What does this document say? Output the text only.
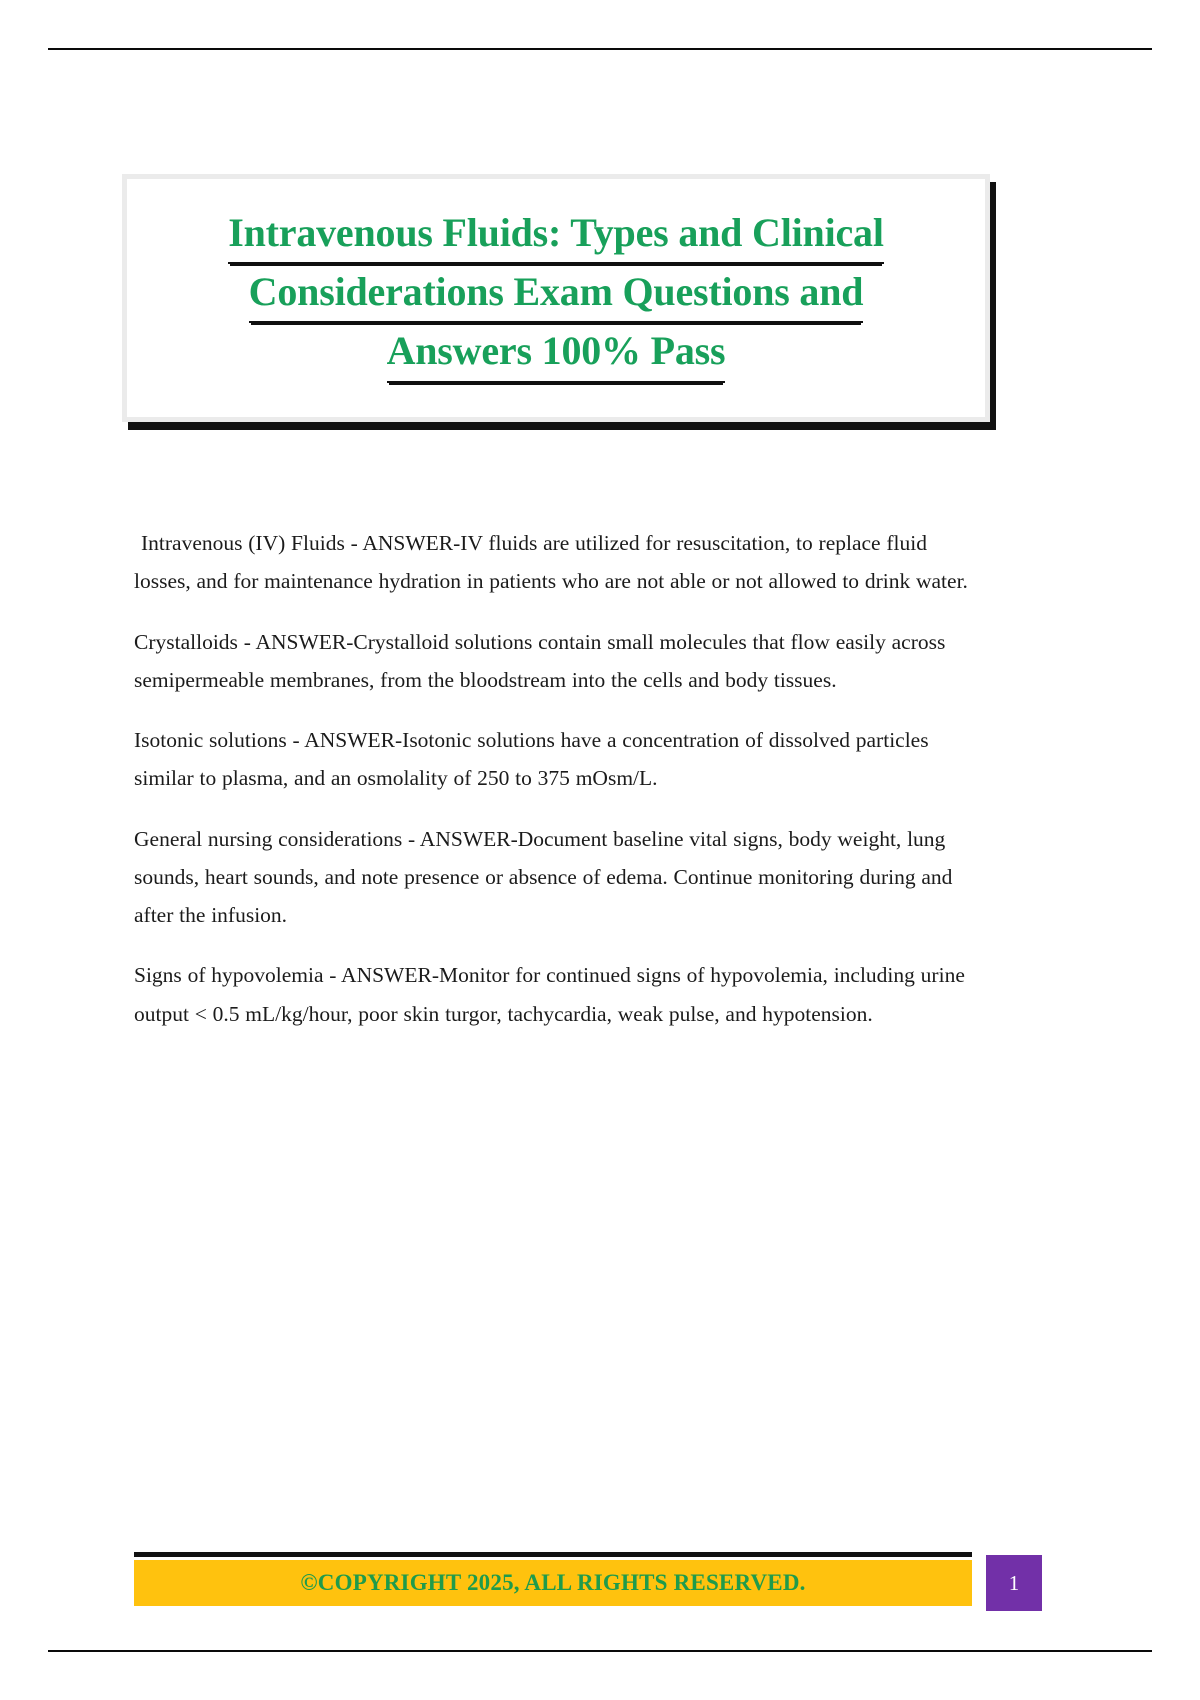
Intravenous Fluids: Types and Clinical
Considerations Exam Questions and
Answers 100% Pass

Intravenous (IV) Fluids - ANSWER-IV fluids are utilized for resuscitation, to replace fluid losses, and for maintenance hydration in patients who are not able or not allowed to drink water.

Crystalloids - ANSWER-Crystalloid solutions contain small molecules that flow easily across semipermeable membranes, from the bloodstream into the cells and body tissues.

Isotonic solutions - ANSWER-Isotonic solutions have a concentration of dissolved particles similar to plasma, and an osmolality of 250 to 375 mOsm/L.

General nursing considerations - ANSWER-Document baseline vital signs, body weight, lung sounds, heart sounds, and note presence or absence of edema. Continue monitoring during and after the infusion.

Signs of hypovolemia - ANSWER-Monitor for continued signs of hypovolemia, including urine output < 0.5 mL/kg/hour, poor skin turgor, tachycardia, weak pulse, and hypotension.

©COPYRIGHT 2025, ALL RIGHTS RESERVED.	1
